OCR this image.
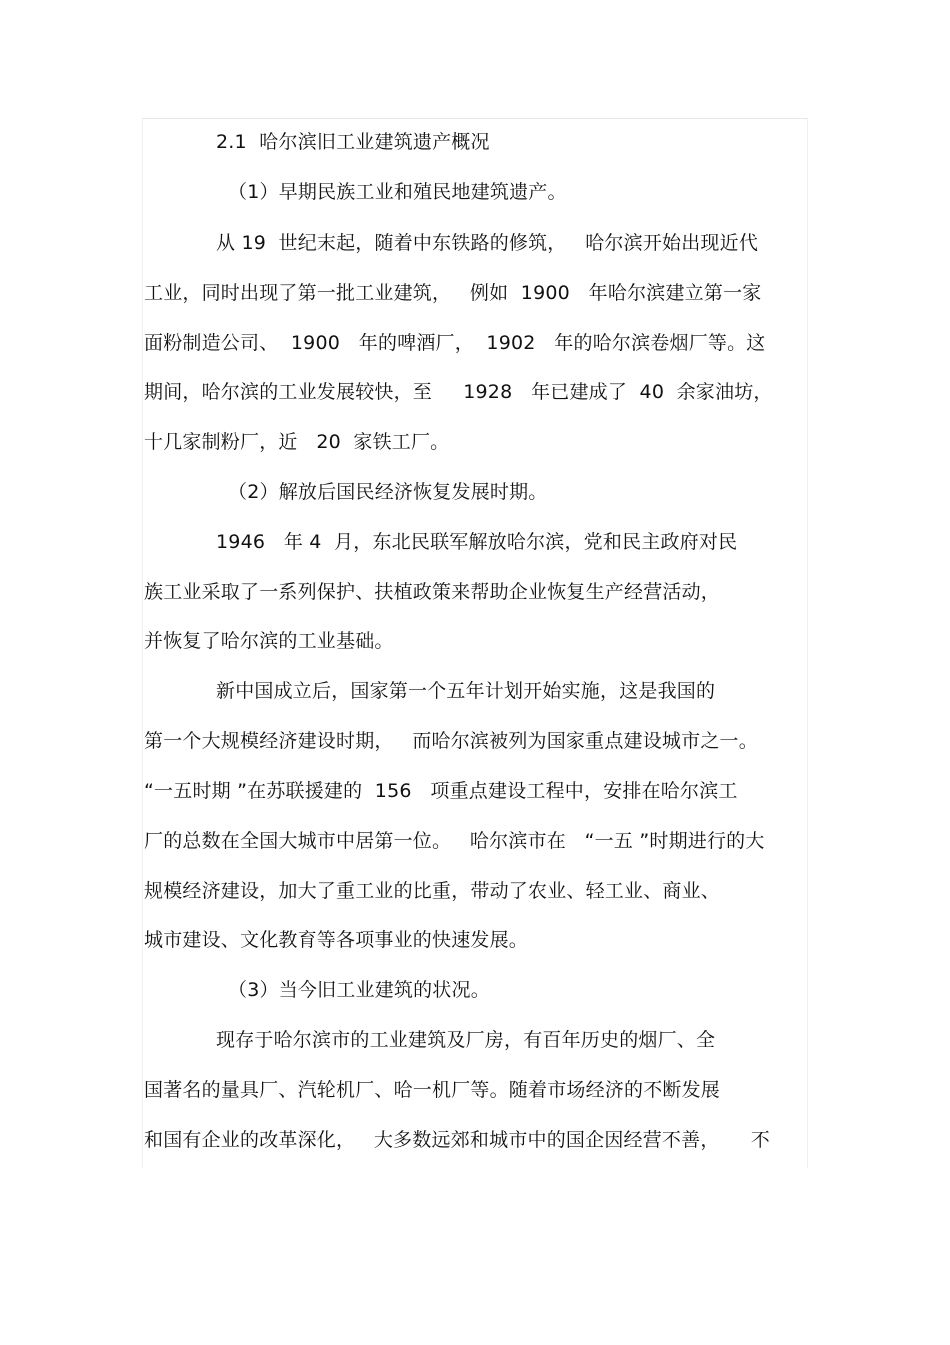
2.1  哈尔滨旧工业建筑遗产概况
（1）早期民族工业和殖民地建筑遗产。
从 19  世纪末起，随着中东铁路的修筑，   哈尔滨开始出现近代
工业，同时出现了第一批工业建筑，   例如  1900   年哈尔滨建立第一家
面粉制造公司、  1900   年的啤酒厂，  1902   年的哈尔滨卷烟厂等。这
期间，哈尔滨的工业发展较快，至     1928   年已建成了  40  余家油坊，
十几家制粉厂，近   20  家铁工厂。
（2）解放后国民经济恢复发展时期。
1946   年 4  月，东北民联军解放哈尔滨，党和民主政府对民
族工业采取了一系列保护、扶植政策来帮助企业恢复生产经营活动，
并恢复了哈尔滨的工业基础。
新中国成立后，国家第一个五年计划开始实施，这是我国的
第一个大规模经济建设时期，   而哈尔滨被列为国家重点建设城市之一。
“一五时期 ”在苏联援建的  156   项重点建设工程中，安排在哈尔滨工
厂的总数在全国大城市中居第一位。   哈尔滨市在   “一五 ”时期进行的大
规模经济建设，加大了重工业的比重，带动了农业、轻工业、商业、
城市建设、文化教育等各项事业的快速发展。
（3）当今旧工业建筑的状况。
现存于哈尔滨市的工业建筑及厂房，有百年历史的烟厂、全
国著名的量具厂、汽轮机厂、哈一机厂等。随着市场经济的不断发展
和国有企业的改革深化，   大多数远郊和城市中的国企因经营不善，     不
